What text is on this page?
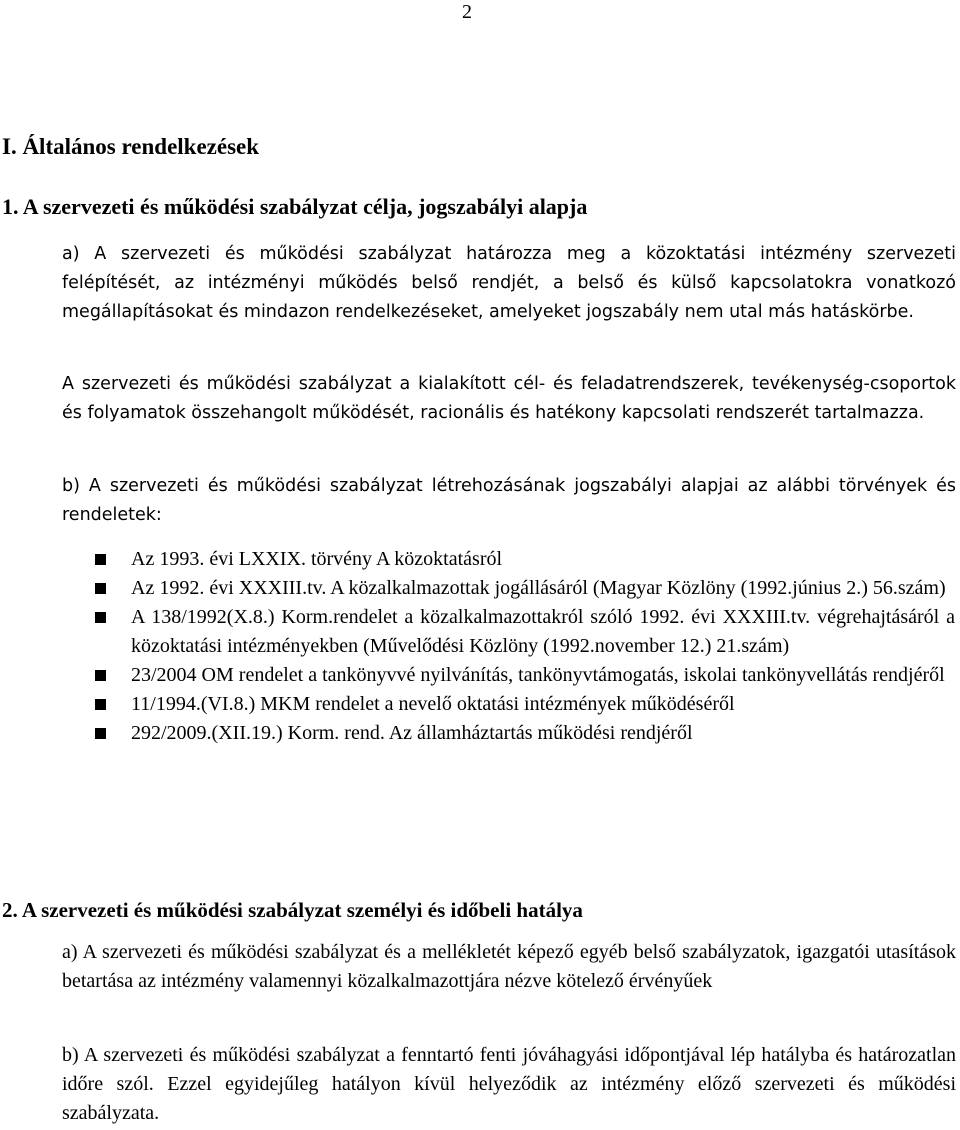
2
I. Általános rendelkezések
1. A szervezeti és működési szabályzat célja, jogszabályi alapja

a) A szervezeti és működési szabályzat határozza meg a közoktatási intézmény szervezeti felépítését, az intézményi működés belső rendjét, a belső és külső kapcsolatokra vonatkozó megállapításokat és mindazon rendelkezéseket, amelyeket jogszabály nem utal más hatáskörbe.

A szervezeti és működési szabályzat a kialakított cél- és feladatrendszerek, tevékenység-csoportok és folyamatok összehangolt működését, racionális és hatékony kapcsolati rendszerét tartalmazza.

b) A szervezeti és működési szabályzat létrehozásának jogszabályi alapjai az alábbi törvények és rendeletek:

Az 1993. évi LXXIX. törvény A közoktatásról
Az 1992. évi XXXIII.tv. A közalkalmazottak jogállásáról (Magyar Közlöny (1992.június 2.) 56.szám)
A 138/1992(X.8.) Korm.rendelet a közalkalmazottakról szóló 1992. évi XXXIII.tv. végrehajtásáról a közoktatási intézményekben (Művelődési Közlöny (1992.november 12.) 21.szám)
23/2004 OM rendelet a tankönyvvé nyilvánítás, tankönyvtámogatás, iskolai tankönyvellátás rendjéről
11/1994.(VI.8.) MKM rendelet a nevelő oktatási intézmények működéséről
292/2009.(XII.19.) Korm. rend. Az államháztartás működési rendjéről
2. A szervezeti és működési szabályzat személyi és időbeli hatálya

a) A szervezeti és működési szabályzat és a mellékletét képező egyéb belső szabályzatok, igazgatói utasítások betartása az intézmény valamennyi közalkalmazottjára nézve kötelező érvényűek

b) A szervezeti és működési szabályzat a fenntartó fenti jóváhagyási időpontjával lép hatályba és határozatlan időre szól. Ezzel egyidejűleg hatályon kívül helyeződik az intézmény előző szervezeti és működési szabályzata.
